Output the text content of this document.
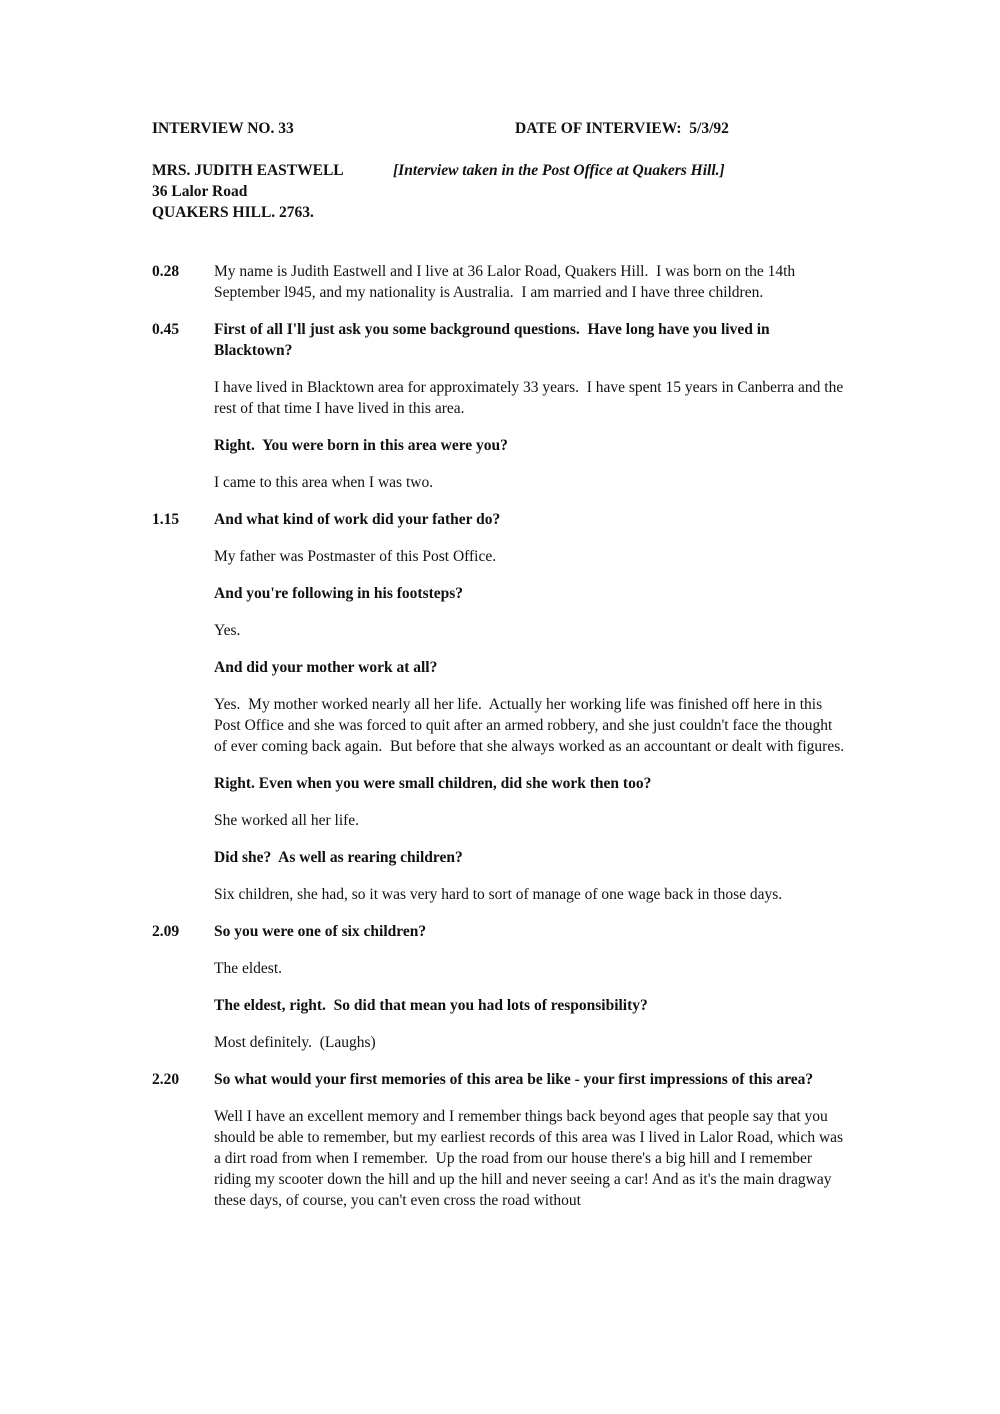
INTERVIEW NO. 33	DATE OF INTERVIEW:  5/3/92
MRS. JUDITH EASTWELL	[Interview taken in the Post Office at Quakers Hill.]
36 Lalor Road
QUAKERS HILL. 2763.
0.28	My name is Judith Eastwell and I live at 36 Lalor Road, Quakers Hill.  I was born on the 14th September l945, and my nationality is Australia.  I am married and I have three children.
0.45	First of all I'll just ask you some background questions.  Have long have you lived in Blacktown?
I have lived in Blacktown area for approximately 33 years.  I have spent 15 years in Canberra and the rest of that time I have lived in this area.
Right.  You were born in this area were you?
I came to this area when I was two.
1.15	And what kind of work did your father do?
My father was Postmaster of this Post Office.
And you're following in his footsteps?
Yes.
And did your mother work at all?
Yes.  My mother worked nearly all her life.  Actually her working life was finished off here in this Post Office and she was forced to quit after an armed robbery, and she just couldn't face the thought of ever coming back again.  But before that she always worked as an accountant or dealt with figures.
Right. Even when you were small children, did she work then too?
She worked all her life.
Did she?  As well as rearing children?
Six children, she had, so it was very hard to sort of manage of one wage back in those days.
2.09	So you were one of six children?
The eldest.
The eldest, right.  So did that mean you had lots of responsibility?
Most definitely.  (Laughs)
2.20	So what would your first memories of this area be like - your first impressions of this area?
Well I have an excellent memory and I remember things back beyond ages that people say that you should be able to remember, but my earliest records of this area was I lived in Lalor Road, which was a dirt road from when I remember.  Up the road from our house there's a big hill and I remember riding my scooter down the hill and up the hill and never seeing a car! And as it's the main dragway these days, of course, you can't even cross the road without
